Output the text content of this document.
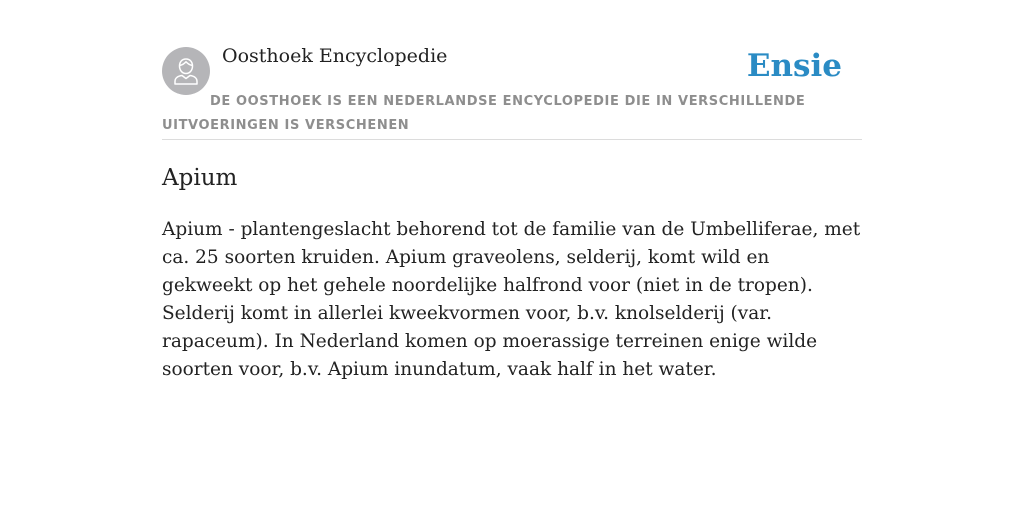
Oosthoek Encyclopedie	Ensie
DE OOSTHOEK IS EEN NEDERLANDSE ENCYCLOPEDIE DIE IN VERSCHILLENDE UITVOERINGEN IS VERSCHENEN
Apium

Apium - plantengeslacht behorend tot de familie van de Umbelliferae, met ca. 25 soorten kruiden. Apium graveolens, selderij, komt wild en gekweekt op het gehele noordelijke halfrond voor (niet in de tropen). Selderij komt in allerlei kweekvormen voor, b.v. knolselderij (var. rapaceum). In Nederland komen op moerassige terreinen enige wilde soorten voor, b.v. Apium inundatum, vaak half in het water.
